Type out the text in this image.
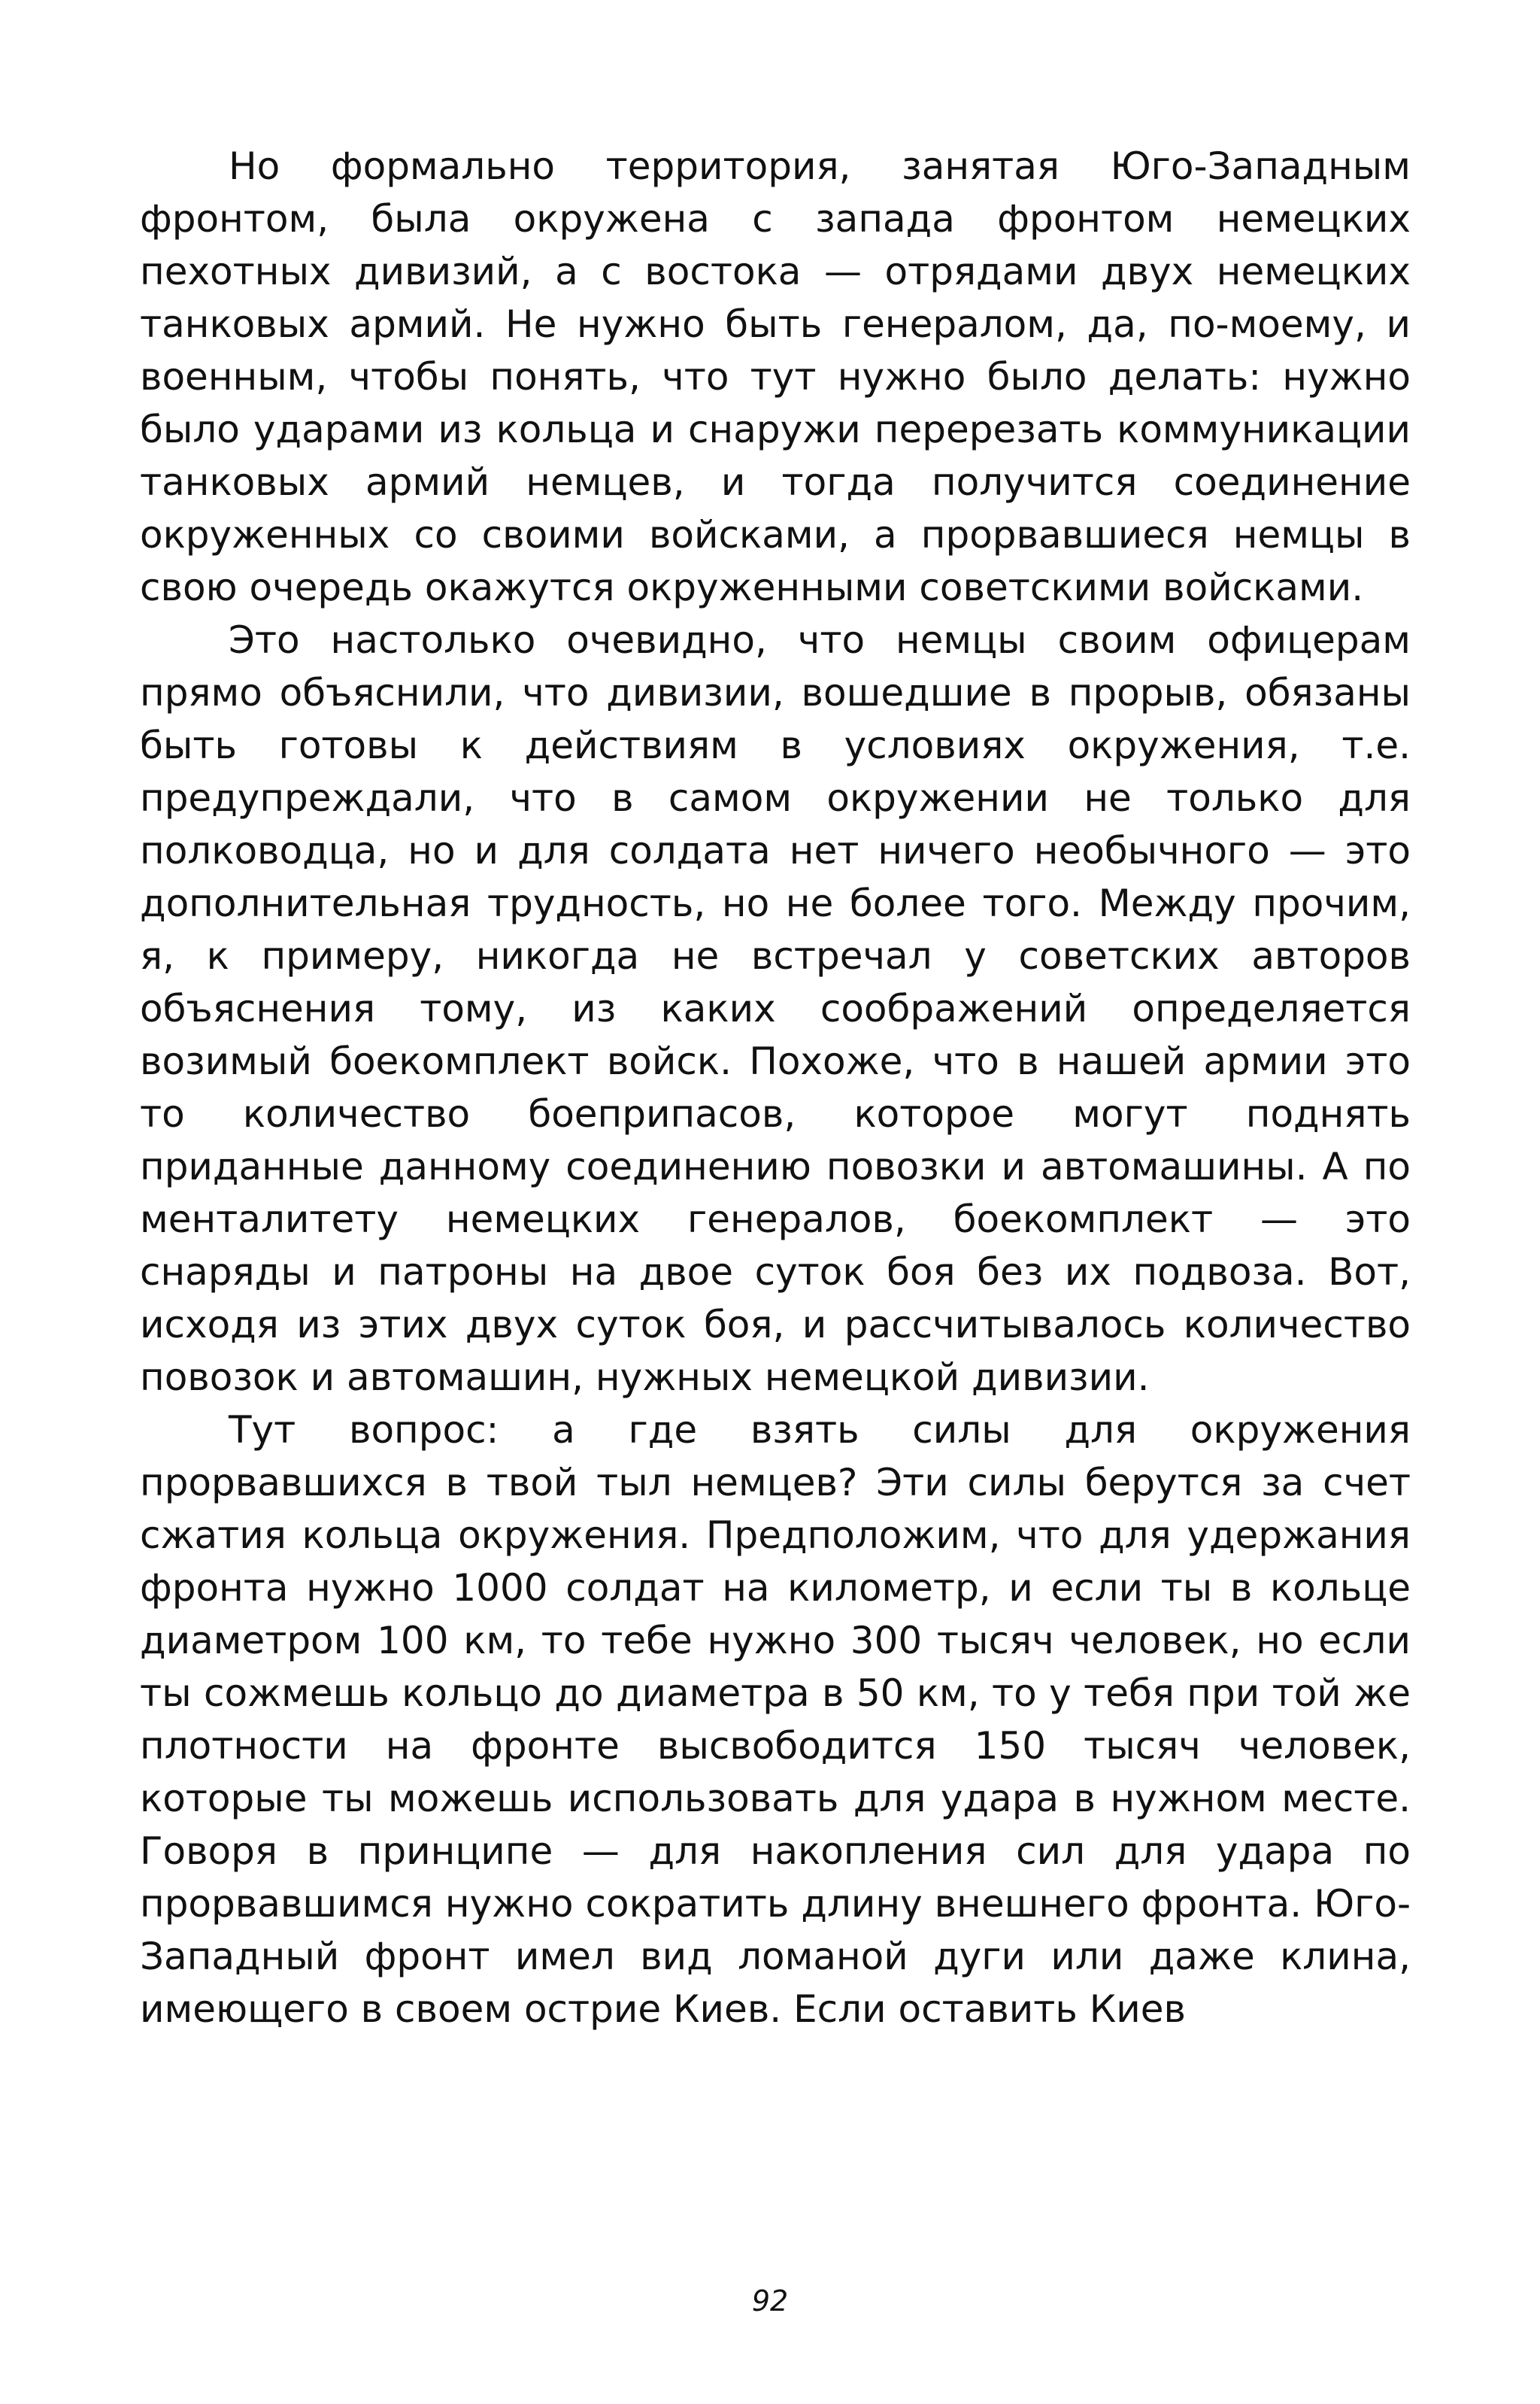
Но формально территория, занятая Юго-Западным фронтом, была окружена с запада фронтом немецких пехотных дивизий, а с востока — отрядами двух немецких танковых армий. Не нужно быть генералом, да, по-моему, и военным, чтобы понять, что тут нужно было делать: нужно было ударами из кольца и снаружи перерезать коммуникации танковых армий немцев, и тогда получится соединение окруженных со своими войсками, а прорвавшиеся немцы в свою очередь окажутся окруженными советскими войсками.

Это настолько очевидно, что немцы своим офицерам прямо объяснили, что дивизии, вошедшие в прорыв, обязаны быть готовы к действиям в условиях окружения, т.е. предупреждали, что в самом окружении не только для полководца, но и для солдата нет ничего необычного — это дополнительная трудность, но не более того. Между прочим, я, к примеру, никогда не встречал у советских авторов объяснения тому, из каких соображений определяется возимый боекомплект войск. Похоже, что в нашей армии это то количество боеприпасов, которое могут поднять приданные данному соединению повозки и автомашины. А по менталитету немецких генералов, боекомплект — это снаряды и патроны на двое суток боя без их подвоза. Вот, исходя из этих двух суток боя, и рассчитывалось количество повозок и автомашин, нужных немецкой дивизии.

Тут вопрос: а где взять силы для окружения прорвавшихся в твой тыл немцев? Эти силы берутся за счет сжатия кольца окружения. Предположим, что для удержания фронта нужно 1000 солдат на километр, и если ты в кольце диаметром 100 км, то тебе нужно 300 тысяч человек, но если ты сожмешь кольцо до диаметра в 50 км, то у тебя при той же плотности на фронте высвободится 150 тысяч человек, которые ты можешь использовать для удара в нужном месте. Говоря в принципе — для накопления сил для удара по прорвавшимся нужно сократить длину внешнего фронта. Юго-Западный фронт имел вид ломаной дуги или даже клина, имеющего в своем острие Киев. Если оставить Киев

92
